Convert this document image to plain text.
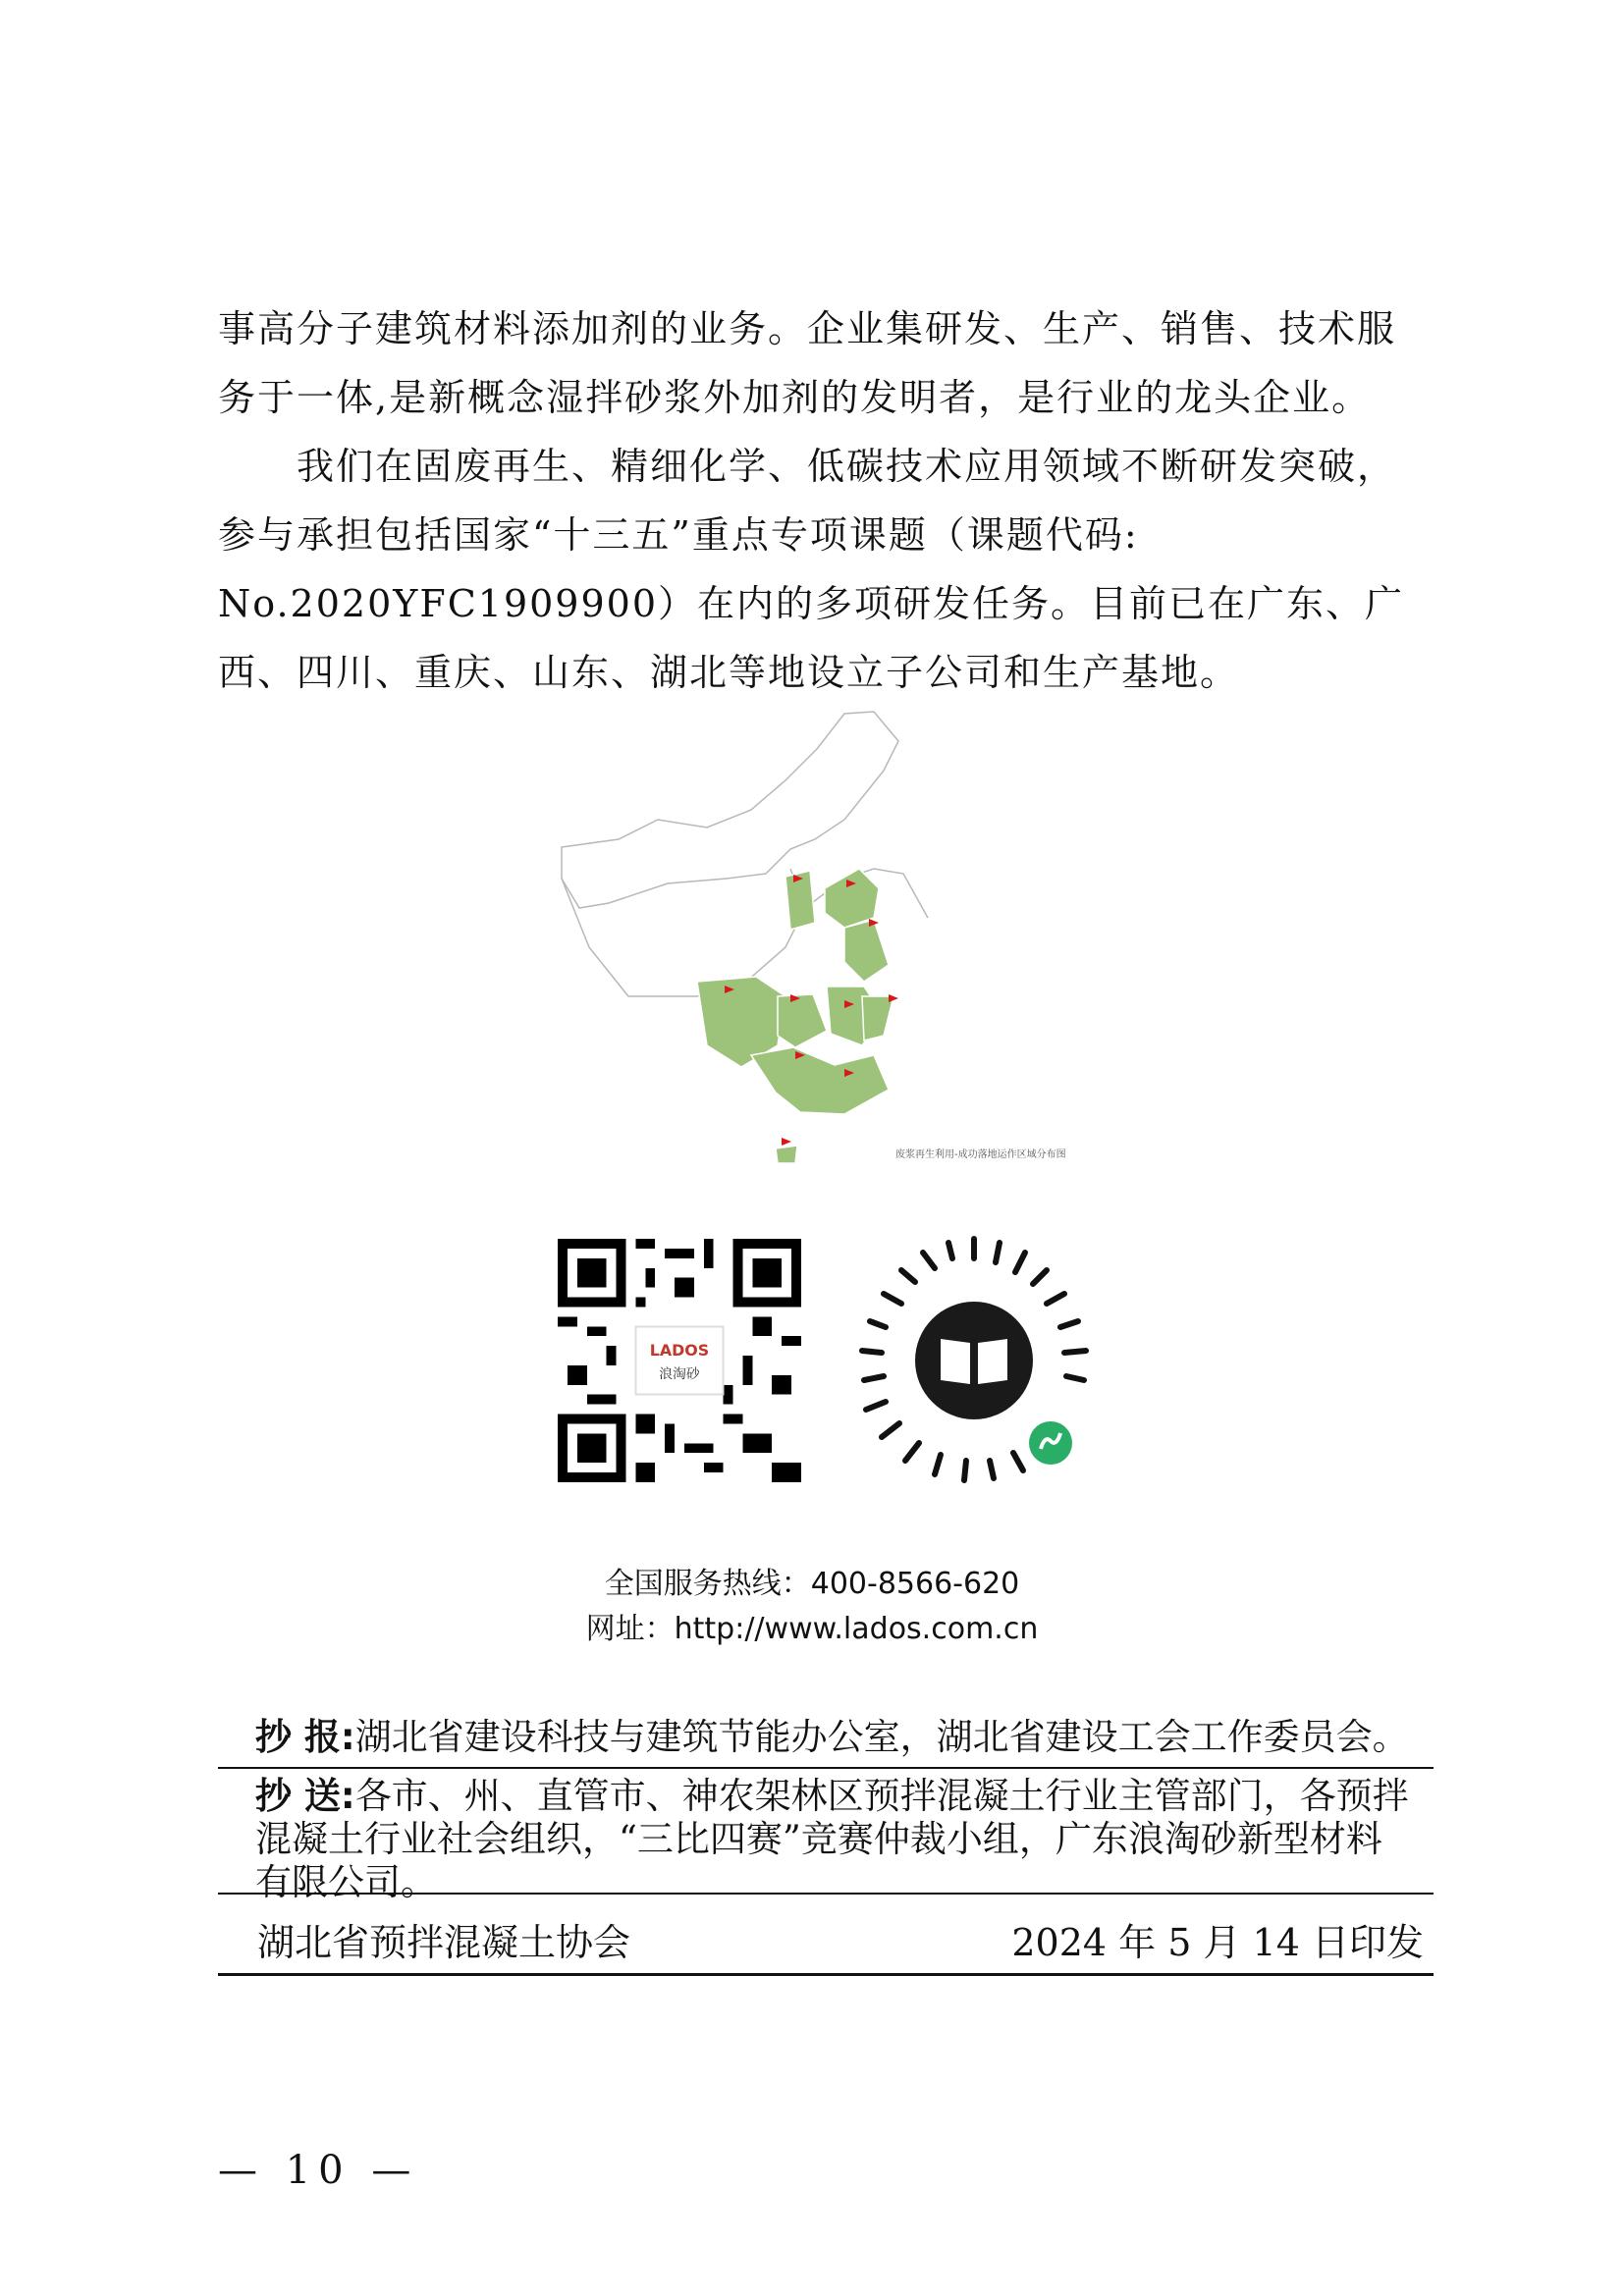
事高分子建筑材料添加剂的业务。企业集研发、生产、销售、技术服务于一体,是新概念湿拌砂浆外加剂的发明者，是行业的龙头企业。
我们在固废再生、精细化学、低碳技术应用领域不断研发突破，参与承担包括国家“十三五”重点专项课题（课题代码: No.2020YFC1909900）在内的多项研发任务。目前已在广东、广西、四川、重庆、山东、湖北等地设立子公司和生产基地。
废浆再生利用-成功落地运作区域分布图
LADOS
浪淘砂
全国服务热线：400-8566-620
网址：http://www.lados.com.cn
抄 报:湖北省建设科技与建筑节能办公室，湖北省建设工会工作委员会。
抄 送:各市、州、直管市、神农架林区预拌混凝土行业主管部门，各预拌混凝土行业社会组织，“三比四赛”竞赛仲裁小组，广东浪淘砂新型材料有限公司。
湖北省预拌混凝土协会	2024 年 5 月 14 日印发
— 10 —
